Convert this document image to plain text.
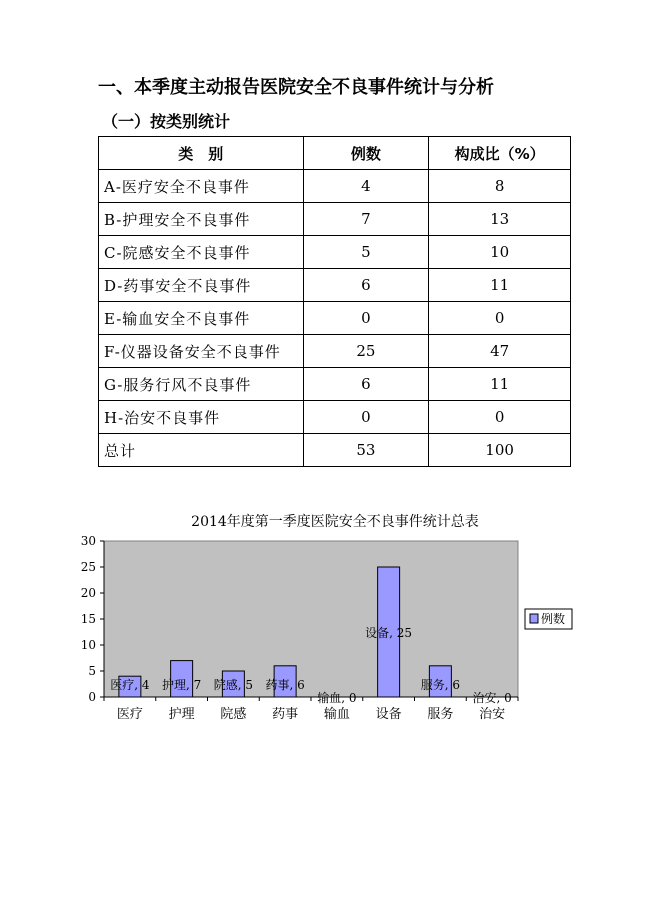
一、本季度主动报告医院安全不良事件统计与分析
（一）按类别统计
类　别	例数	构成比（%）
A-医疗安全不良事件	4	8
B-护理安全不良事件	7	13
C-院感安全不良事件	5	10
D-药事安全不良事件	6	11
E-输血安全不良事件	0	0
F-仪器设备安全不良事件	25	47
G-服务行风不良事件	6	11
H-治安不良事件	0	0
总计	53	100
2014年度第一季度医院安全不良事件统计总表
0
5
10
15
20
25
30
医疗
医疗, 4
护理
护理, 7
院感
院感, 5
药事
药事, 6
输血
输血, 0
设备
设备, 25
服务
服务, 6
治安
治安, 0
例数
